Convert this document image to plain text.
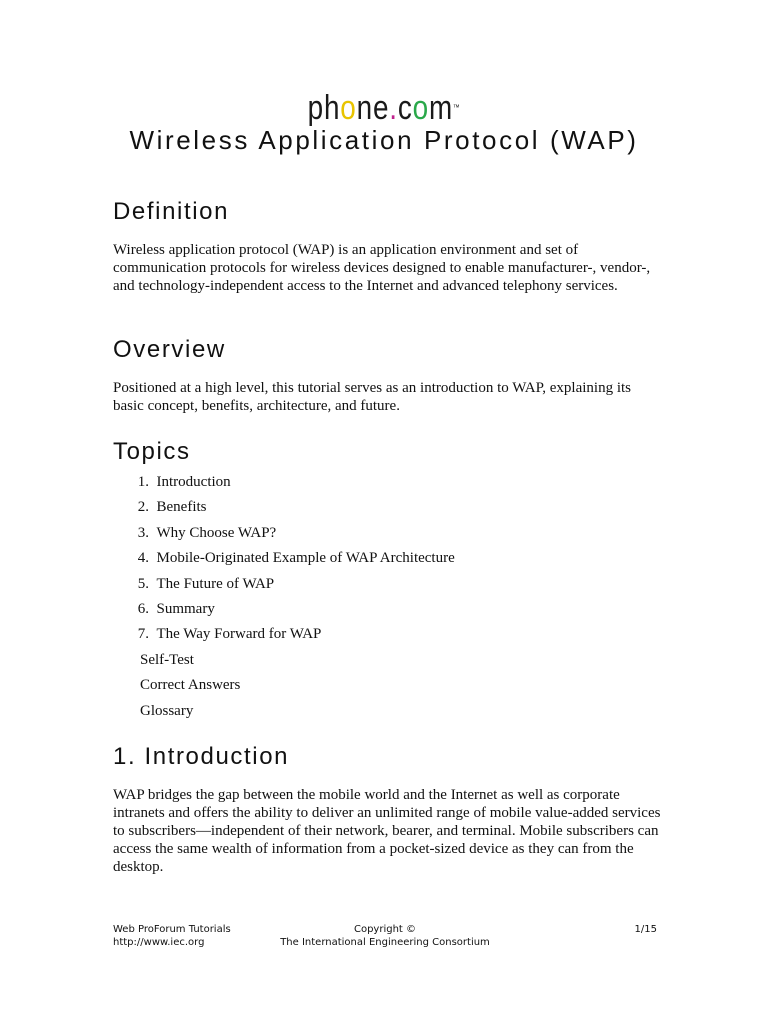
phone.com™
Wireless Application Protocol (WAP)
Definition

Wireless application protocol (WAP) is an application environment and set of communication protocols for wireless devices designed to enable manufacturer-, vendor-, and technology-independent access to the Internet and advanced telephony services.

Overview

Positioned at a high level, this tutorial serves as an introduction to WAP, explaining its basic concept, benefits, architecture, and future.

Topics
1. Introduction
2. Benefits
3. Why Choose WAP?
4. Mobile-Originated Example of WAP Architecture
5. The Future of WAP
6. Summary
7. The Way Forward for WAP
Self-Test
Correct Answers
Glossary
1. Introduction

WAP bridges the gap between the mobile world and the Internet as well as corporate intranets and offers the ability to deliver an unlimited range of mobile value-added services to subscribers—independent of their network, bearer, and terminal. Mobile subscribers can access the same wealth of information from a pocket-sized device as they can from the desktop.

Web ProForum Tutorials
http://www.iec.org
Copyright ©
The International Engineering Consortium
1/15
